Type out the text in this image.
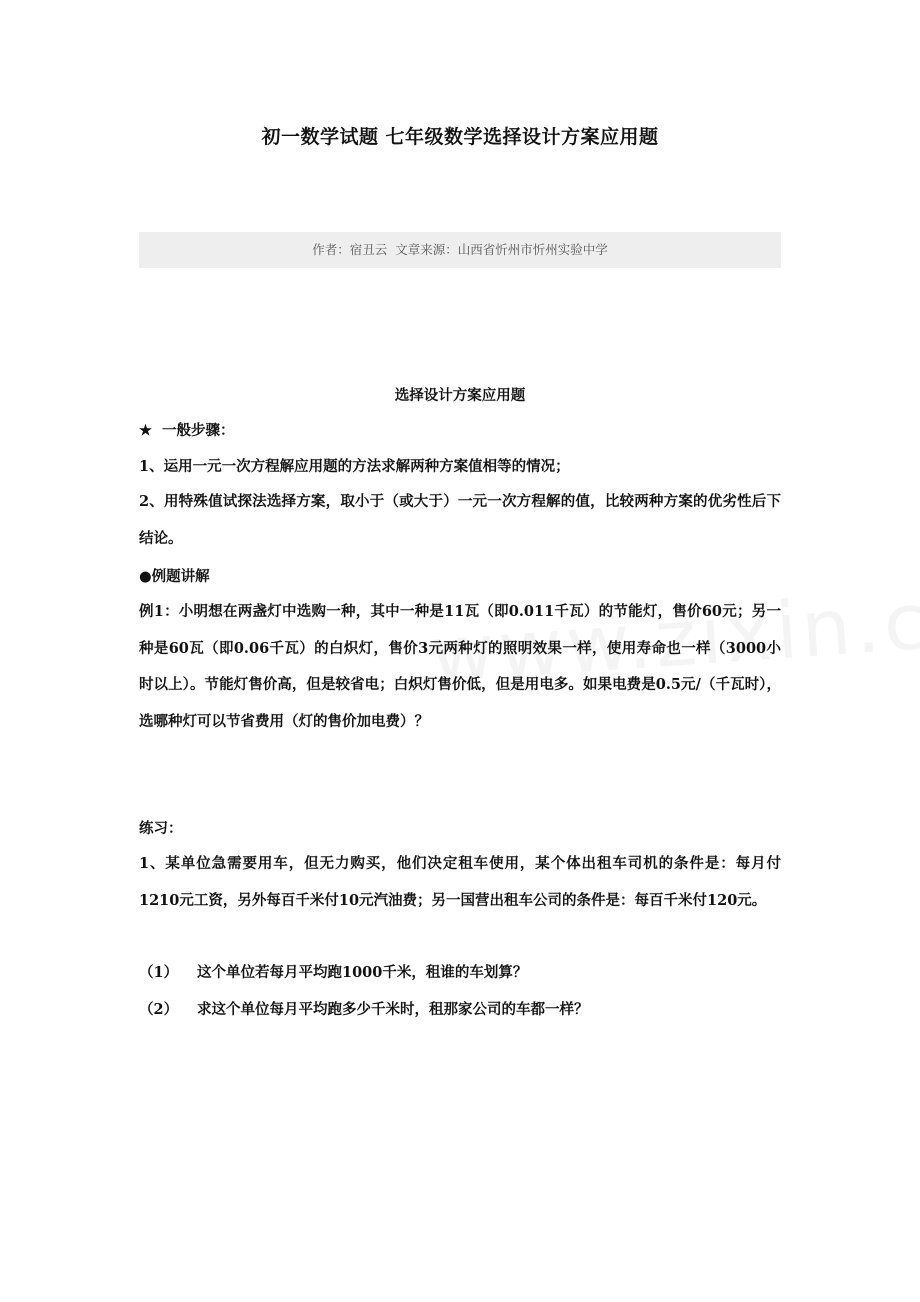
初一数学试题 七年级数学选择设计方案应用题
作者：宿丑云 文章来源：山西省忻州市忻州实验中学
选择设计方案应用题
★ 一般步骤：
1、运用一元一次方程解应用题的方法求解两种方案值相等的情况；

2、用特殊值试探法选择方案，取小于（或大于）一元一次方程解的值，比较两种方案的优劣性后下结论。

●例题讲解

例1：小明想在两盏灯中选购一种，其中一种是11瓦（即0.011千瓦）的节能灯，售价60元；另一种是60瓦（即0.06千瓦）的白炽灯，售价3元两种灯的照明效果一样，使用寿命也一样（3000小时以上）。节能灯售价高，但是较省电；白炽灯售价低，但是用电多。如果电费是0.5元/（千瓦时），选哪种灯可以节省费用（灯的售价加电费）？

练习：

1、某单位急需要用车，但无力购买，他们决定租车使用，某个体出租车司机的条件是：每月付1210元工资，另外每百千米付10元汽油费；另一国营出租车公司的条件是：每百千米付120元。

（1） 这个单位若每月平均跑1000千米，租谁的车划算？
（2） 求这个单位每月平均跑多少千米时，租那家公司的车都一样？
